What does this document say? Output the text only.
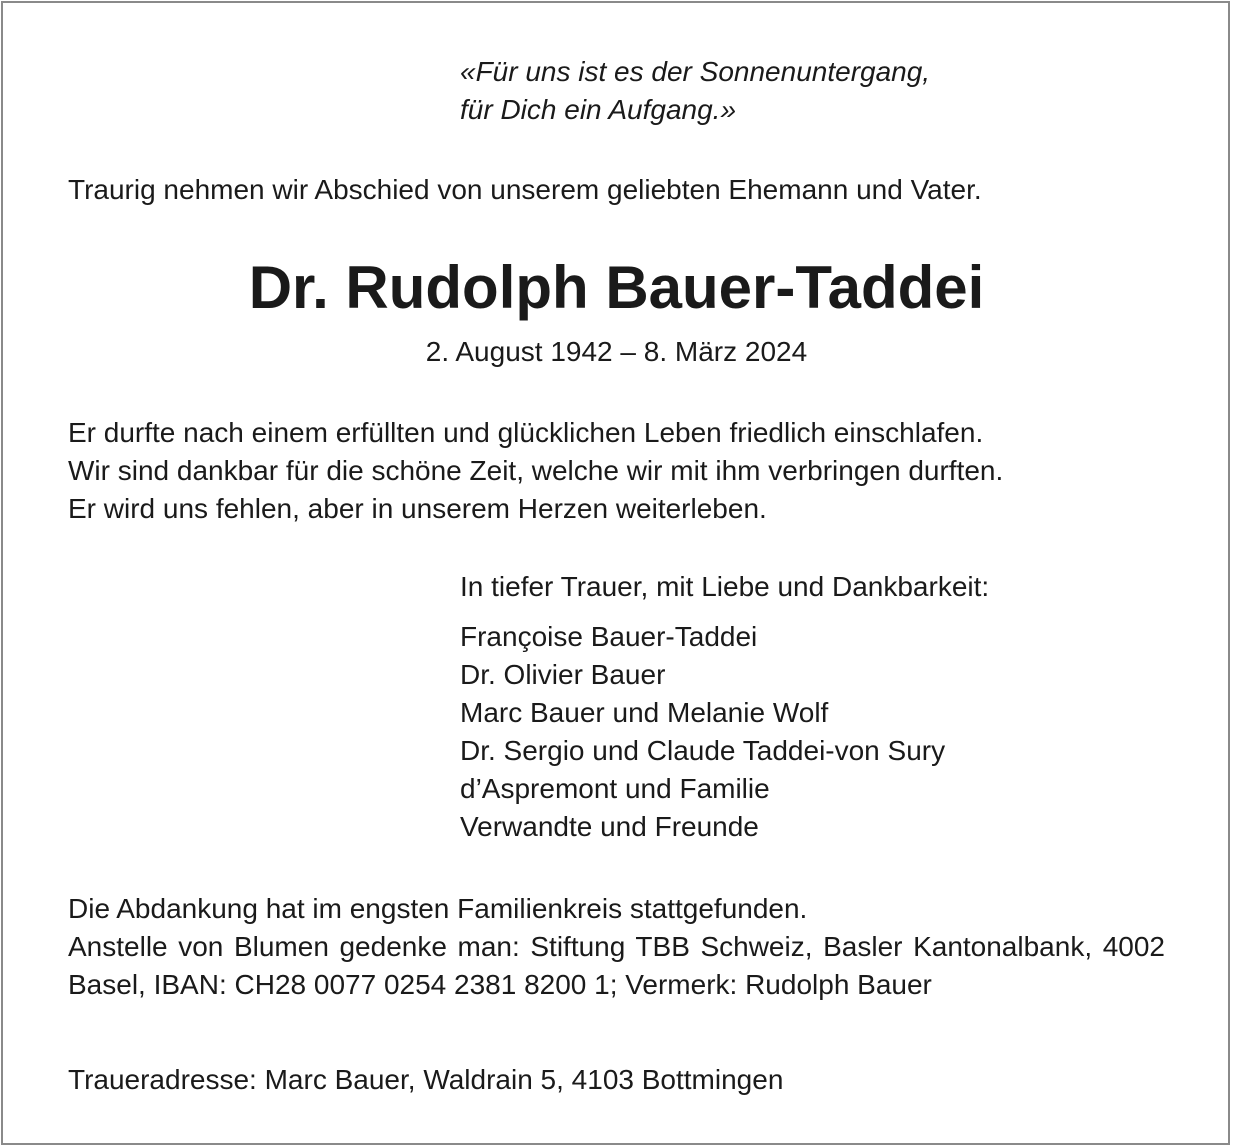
«Für uns ist es der Sonnenuntergang,
für Dich ein Aufgang.»

Traurig nehmen wir Abschied von unserem geliebten Ehemann und Vater.

Dr. Rudolph Bauer-Taddei

2. August 1942 – 8. März 2024

Er durfte nach einem erfüllten und glücklichen Leben friedlich einschlafen.
Wir sind dankbar für die schöne Zeit, welche wir mit ihm verbringen durften.
Er wird uns fehlen, aber in unserem Herzen weiterleben.

In tiefer Trauer, mit Liebe und Dankbarkeit:

Françoise Bauer-Taddei
Dr. Olivier Bauer
Marc Bauer und Melanie Wolf
Dr. Sergio und Claude Taddei-von Sury
d’Aspremont und Familie
Verwandte und Freunde
Die Abdankung hat im engsten Familienkreis stattgefunden.
Anstelle von Blumen gedenke man: Stiftung TBB Schweiz, Basler Kantonalbank, 4002 Basel, IBAN: CH28 0077 0254 2381 8200 1; Vermerk: Rudolph Bauer

Traueradresse: Marc Bauer, Waldrain 5, 4103 Bottmingen
